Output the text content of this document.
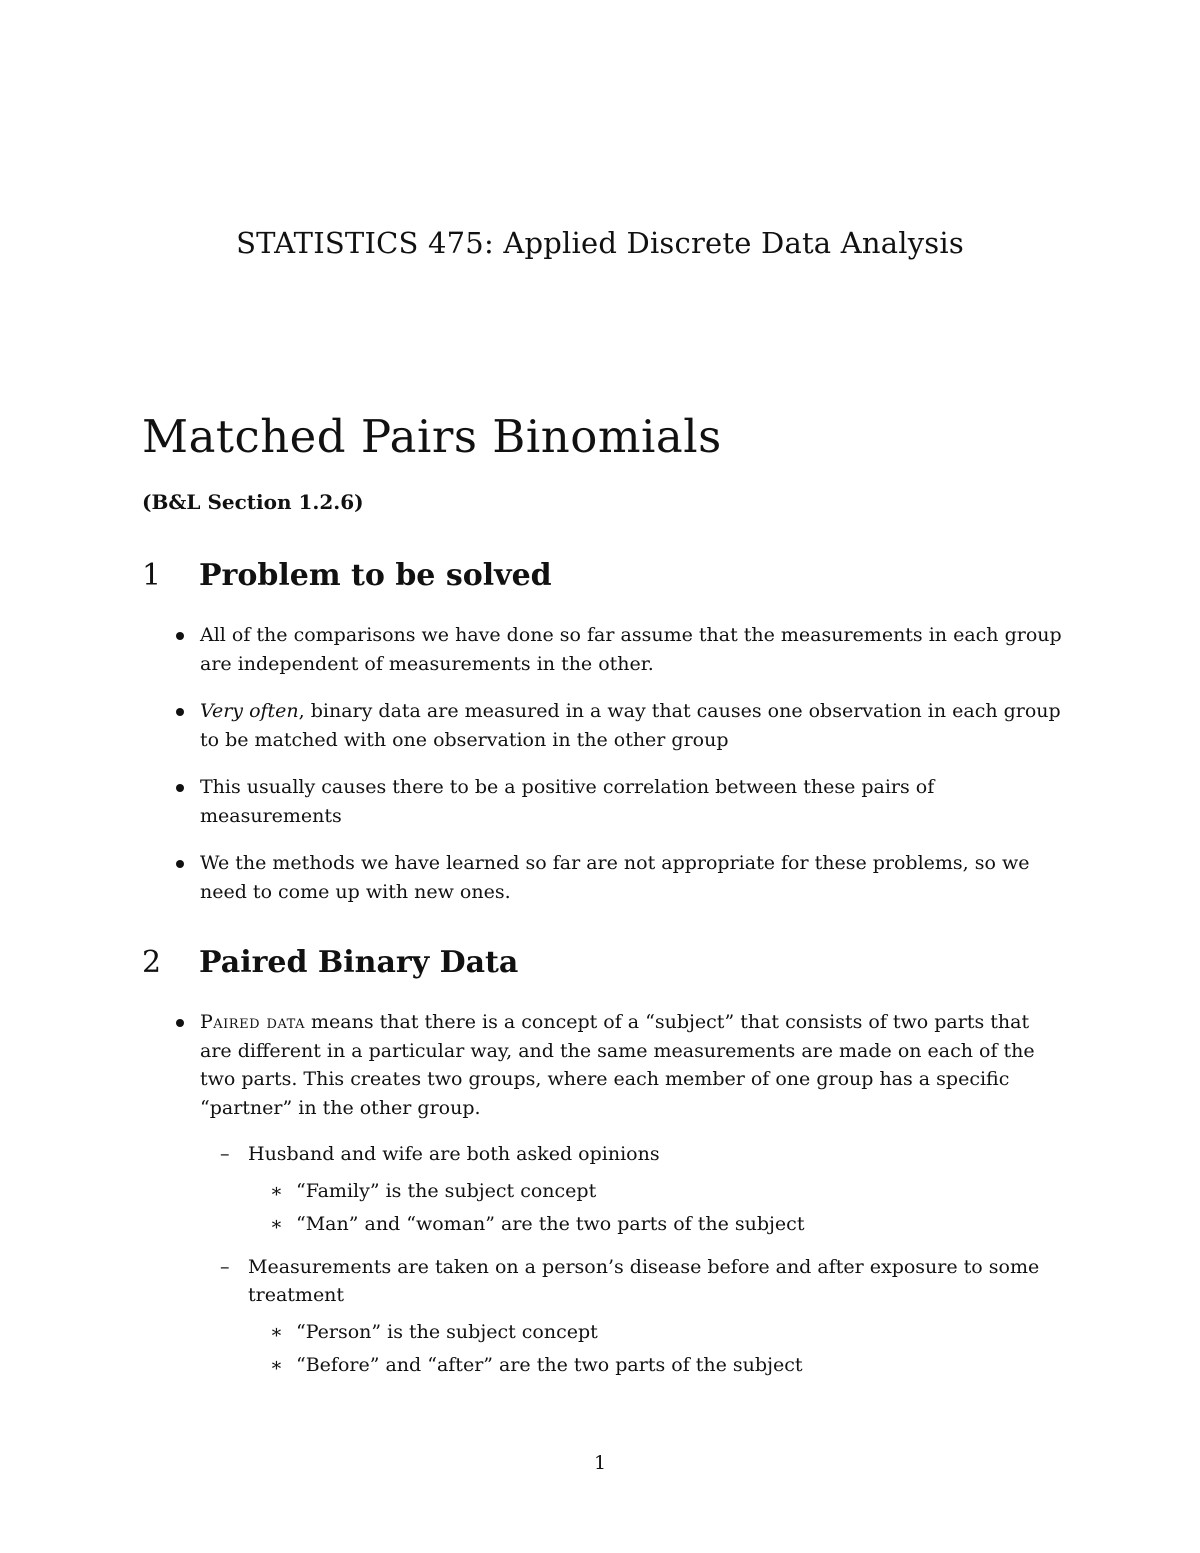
STATISTICS 475: Applied Discrete Data Analysis
Matched Pairs Binomials

(B&L Section 1.2.6)

1 Problem to be solved
All of the comparisons we have done so far assume that the measurements in each group are independent of measurements in the other.
Very often, binary data are measured in a way that causes one observation in each group to be matched with one observation in the other group
This usually causes there to be a positive correlation between these pairs of measurements
We the methods we have learned so far are not appropriate for these problems, so we need to come up with new ones.
2 Paired Binary Data
Paired data means that there is a concept of a “subject” that consists of two parts that are different in a particular way, and the same measurements are made on each of the two parts. This creates two groups, where each member of one group has a specific “partner” in the other group.
– Husband and wife are both asked opinions
∗ “Family” is the subject concept
∗ “Man” and “woman” are the two parts of the subject
– Measurements are taken on a person’s disease before and after exposure to some treatment
∗ “Person” is the subject concept
∗ “Before” and “after” are the two parts of the subject

1
